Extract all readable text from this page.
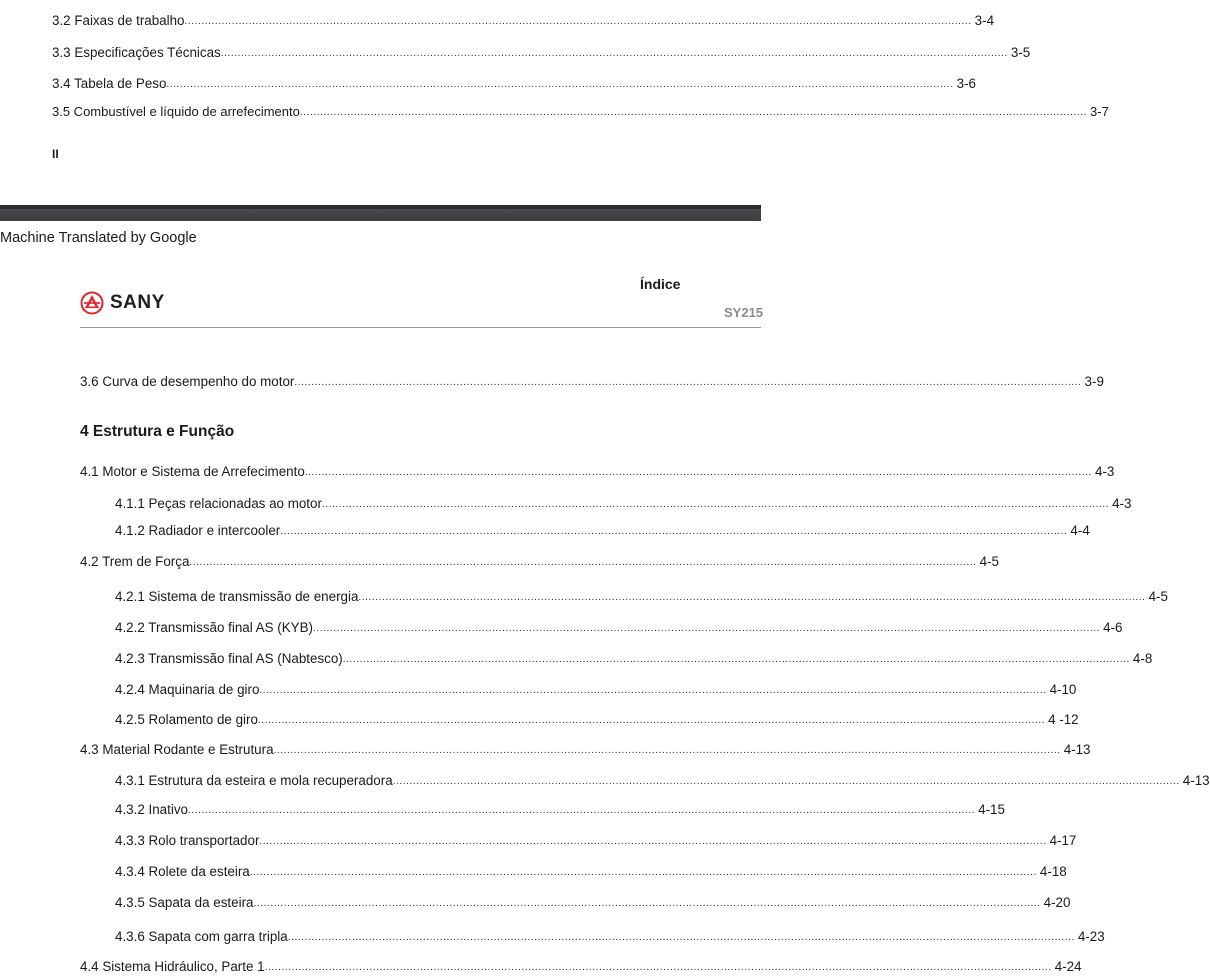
3.2 Faixas de trabalho ......................................................................................................................................................................................................................................... 3-4
3.3 Especificações Técnicas ......................................................................................................................................................................................................................................... 3-5
3.4 Tabela de Peso ......................................................................................................................................................................................................................................... 3-6
3.5 Combustível e líquido de arrefecimento ......................................................................................................................................................................................................................................... 3-7
II
Machine Translated by Google
SANY
Índice
SY215
3.6 Curva de desempenho do motor ......................................................................................................................................................................................................................................... 3-9
4 Estrutura e Função
4.1 Motor e Sistema de Arrefecimento ......................................................................................................................................................................................................................................... 4-3
4.1.1 Peças relacionadas ao motor ......................................................................................................................................................................................................................................... 4-3
4.1.2 Radiador e intercooler ......................................................................................................................................................................................................................................... 4-4
4.2 Trem de Força ......................................................................................................................................................................................................................................... 4-5
4.2.1 Sistema de transmissão de energia ......................................................................................................................................................................................................................................... 4-5
4.2.2 Transmissão final AS (KYB) ......................................................................................................................................................................................................................................... 4-6
4.2.3 Transmissão final AS (Nabtesco) ......................................................................................................................................................................................................................................... 4-8
4.2.4 Maquinaria de giro ......................................................................................................................................................................................................................................... 4-10
4.2.5 Rolamento de giro ......................................................................................................................................................................................................................................... 4 -12
4.3 Material Rodante e Estrutura ......................................................................................................................................................................................................................................... 4-13
4.3.1 Estrutura da esteira e mola recuperadora ......................................................................................................................................................................................................................................... 4-13
4.3.2 Inativo ......................................................................................................................................................................................................................................... 4-15
4.3.3 Rolo transportador ......................................................................................................................................................................................................................................... 4-17
4.3.4 Rolete da esteira ......................................................................................................................................................................................................................................... 4-18
4.3.5 Sapata da esteira ......................................................................................................................................................................................................................................... 4-20
4.3.6 Sapata com garra tripla ......................................................................................................................................................................................................................................... 4-23
4.4 Sistema Hidráulico, Parte 1 ......................................................................................................................................................................................................................................... 4-24
